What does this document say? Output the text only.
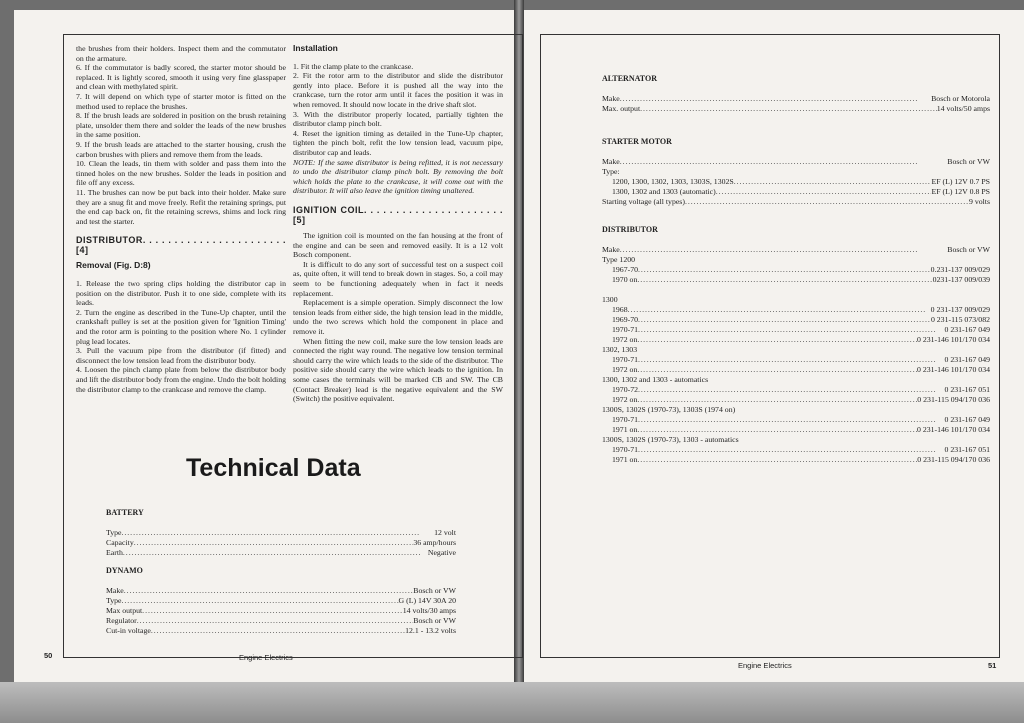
the brushes from their holders. Inspect them and the commutator on the armature.

6. If the commutator is badly scored, the starter motor should be replaced. It is lightly scored, smooth it using very fine glasspaper and clean with methylated spirit.

7. It will depend on which type of starter motor is fitted on the method used to replace the brushes.

8. If the brush leads are soldered in position on the brush retaining plate, unsolder them there and solder the leads of the new brushes in the same position.

9. If the brush leads are attached to the starter housing, crush the carbon brushes with pliers and remove them from the leads.

10. Clean the leads, tin them with solder and pass them into the tinned holes on the new brushes. Solder the leads in position and file off any excess.

11. The brushes can now be put back into their holder. Make sure they are a snug fit and move freely. Refit the retaining springs, put the end cap back on, fit the retaining screws, shims and lock ring and test the starter.

DISTRIBUTOR. . . . . . . . . . . . . . . . . . . . . . . [4]
Removal (Fig. D:8)

1. Release the two spring clips holding the distributor cap in position on the distributor. Push it to one side, complete with its leads.

2. Turn the engine as described in the Tune-Up chapter, until the crankshaft pulley is set at the position given for 'Ignition Timing' and the rotor arm is pointing to the position where No. 1 cylinder plug lead locates.

3. Pull the vacuum pipe from the distributor (if fitted) and disconnect the low tension lead from the distributor body.

4. Loosen the pinch clamp plate from below the distributor body and lift the distributor body from the engine. Undo the bolt holding the distributor clamp to the crankcase and remove the clamp.

Installation

1. Fit the clamp plate to the crankcase.

2. Fit the rotor arm to the distributor and slide the distributor gently into place. Before it is pushed all the way into the crankcase, turn the rotor arm until it faces the position it was in when removed. It should now locate in the drive shaft slot.

3. With the distributor properly located, partially tighten the distributor clamp pinch bolt.

4. Reset the ignition timing as detailed in the Tune-Up chapter, tighten the pinch bolt, refit the low tension lead, vacuum pipe, distributor cap and leads.

NOTE: If the same distributor is being refitted, it is not necessary to undo the distributor clamp pinch bolt. By removing the bolt which holds the plate to the crankcase, it will come out with the distributor. It will also leave the ignition timing unaltered.

IGNITION COIL. . . . . . . . . . . . . . . . . . . . . . [5]

The ignition coil is mounted on the fan housing at the front of the engine and can be seen and removed easily. It is a 12 volt Bosch component.

It is difficult to do any sort of successful test on a suspect coil as, quite often, it will tend to break down in stages. So, a coil may seem to be functioning adequately when in fact it needs replacement.

Replacement is a simple operation. Simply disconnect the low tension leads from either side, the high tension lead in the middle, undo the two screws which hold the component in place and remove it.

When fitting the new coil, make sure the low tension leads are connected the right way round. The negative low tension terminal should carry the wire which leads to the side of the distributor. The positive side should carry the wire which leads to the ignition. In some cases the terminals will be marked CB and SW. The CB (Contact Breaker) lead is the negative equivalent and the SW (Switch) the positive equivalent.

Technical Data
BATTERY
Type . . .	12 volt
Capacity . . .	36 amp/hours
Earth . . .	Negative
DYNAMO
Make . . .	Bosch or VW
Type . . .	G (L) 14V 30A 20
Max output . . .	14 volts/30 amps
Regulator . . .	Bosch or VW
Cut-in voltage . . .	12.1 - 13.2 volts
50	Engine Electrics
ALTERNATOR
Make . . .	Bosch or Motorola
Max. output . . .	14 volts/50 amps
STARTER MOTOR
Make . . .	Bosch or VW
Type:
1200, 1300, 1302, 1303, 1303S, 1302S . . .	EF (L) 12V 0.7 PS
1300, 1302 and 1303 (automatic) . . .	EF (L) 12V 0.8 PS
Starting voltage (all types) . . .	9 volts
DISTRIBUTOR
Make . . .	Bosch or VW
Type 1200
1967-70 . . .	0.231-137 009/029
1970 on . . .	0231-137 009/039

1300
1968 . . .	0 231-137 009/029
1969-70 . . .	0 231-115 073/082
1970-71 . . .	0 231-167 049
1972 on . . .	0 231-146 101/170 034
1302, 1303
1970-71 . . .	0 231-167 049
1972 on . . .	0 231-146 101/170 034
1300, 1302 and 1303 - automatics
1970-72 . . .	0 231-167 051
1972 on . . .	0 231-115 094/170 036
1300S, 1302S (1970-73), 1303S (1974 on)
1970-71 . . .	0 231-167 049
1971 on . . .	0 231-146 101/170 034
1300S, 1302S (1970-73), 1303 - automatics
1970-71 . . .	0 231-167 051
1971 on . . .	0 231-115 094/170 036
Engine Electrics	51
